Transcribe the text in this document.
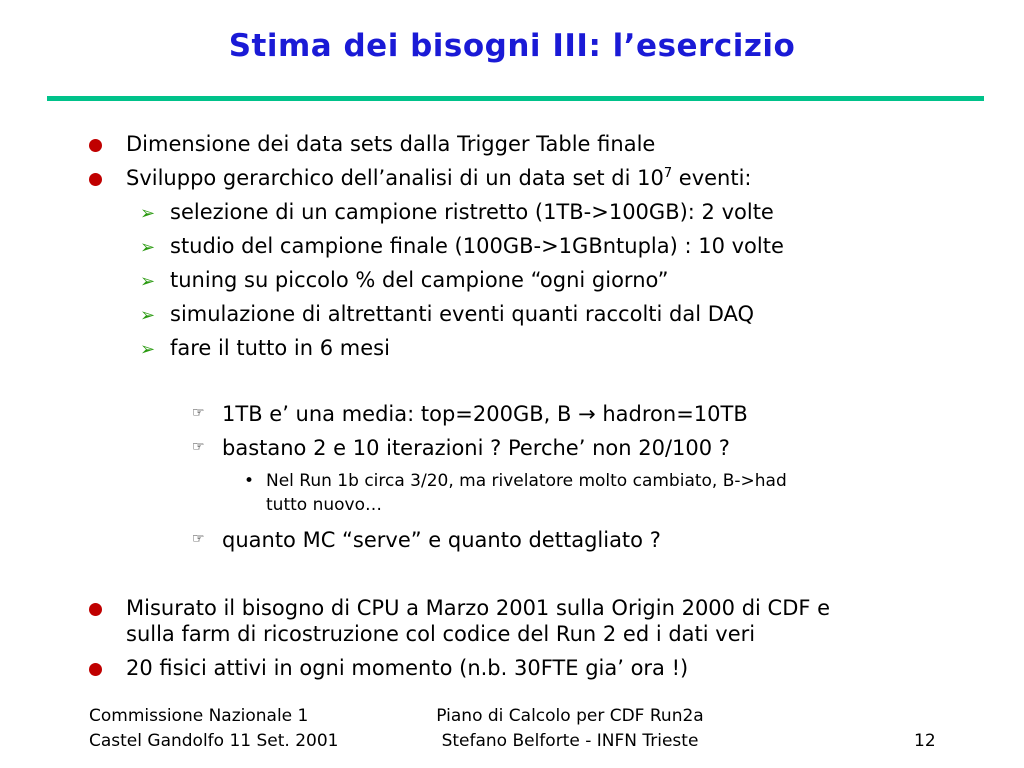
Stima dei bisogni III: l’esercizio
Dimensione dei data sets dalla Trigger Table finale
Sviluppo gerarchico dell’analisi di un data set di $10^7$ eventi:
➢ selezione di un campione ristretto (1TB->100GB): 2 volte
➢ studio del campione finale (100GB->1GBntupla) : 10 volte
➢ tuning su piccolo % del campione “ogni giorno”
➢ simulazione di altrettanti eventi quanti raccolti dal DAQ
➢ fare il tutto in 6 mesi
☞ 1TB e’ una media: top=200GB, B → hadron=10TB
☞ bastano 2 e 10 iterazioni ? Perche’ non 20/100 ?
• Nel Run 1b circa 3/20, ma rivelatore molto cambiato, B->had
tutto nuovo…
☞ quanto MC “serve” e quanto dettagliato ?
Misurato il bisogno di CPU a Marzo 2001 sulla Origin 2000 di CDF e
sulla farm di ricostruzione col codice del Run 2 ed i dati veri
20 fisici attivi in ogni momento (n.b. 30FTE gia’ ora !)
Commissione Nazionale 1
Castel Gandolfo 11 Set. 2001
Piano di Calcolo per CDF Run2a
Stefano Belforte - INFN Trieste	12
